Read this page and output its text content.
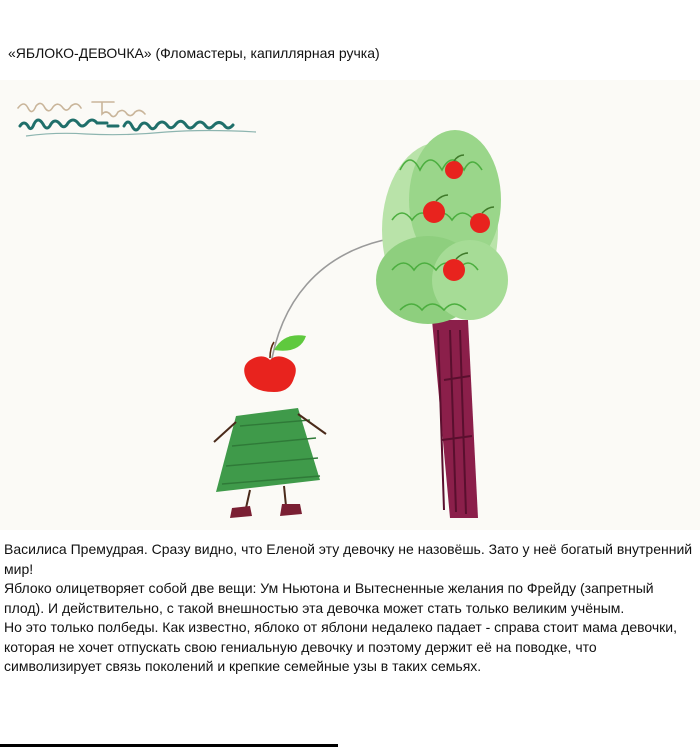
«ЯБЛОКО-ДЕВОЧКА» (Фломастеры, капиллярная ручка)

Василиса Премудрая. Сразу видно, что Еленой эту девочку не назовёшь. Зато у неё богатый внутренний мир!

Яблоко олицетворяет собой две вещи: Ум Ньютона и Вытесненные желания по Фрейду (запретный плод). И действительно, с такой внешностью эта девочка может стать только великим учёным.

Но это только полбеды. Как известно, яблоко от яблони недалеко падает - справа стоит мама девочки, которая не хочет отпускать свою гениальную девочку и поэтому держит её на поводке, что символизирует связь поколений и крепкие семейные узы в таких семьях.
